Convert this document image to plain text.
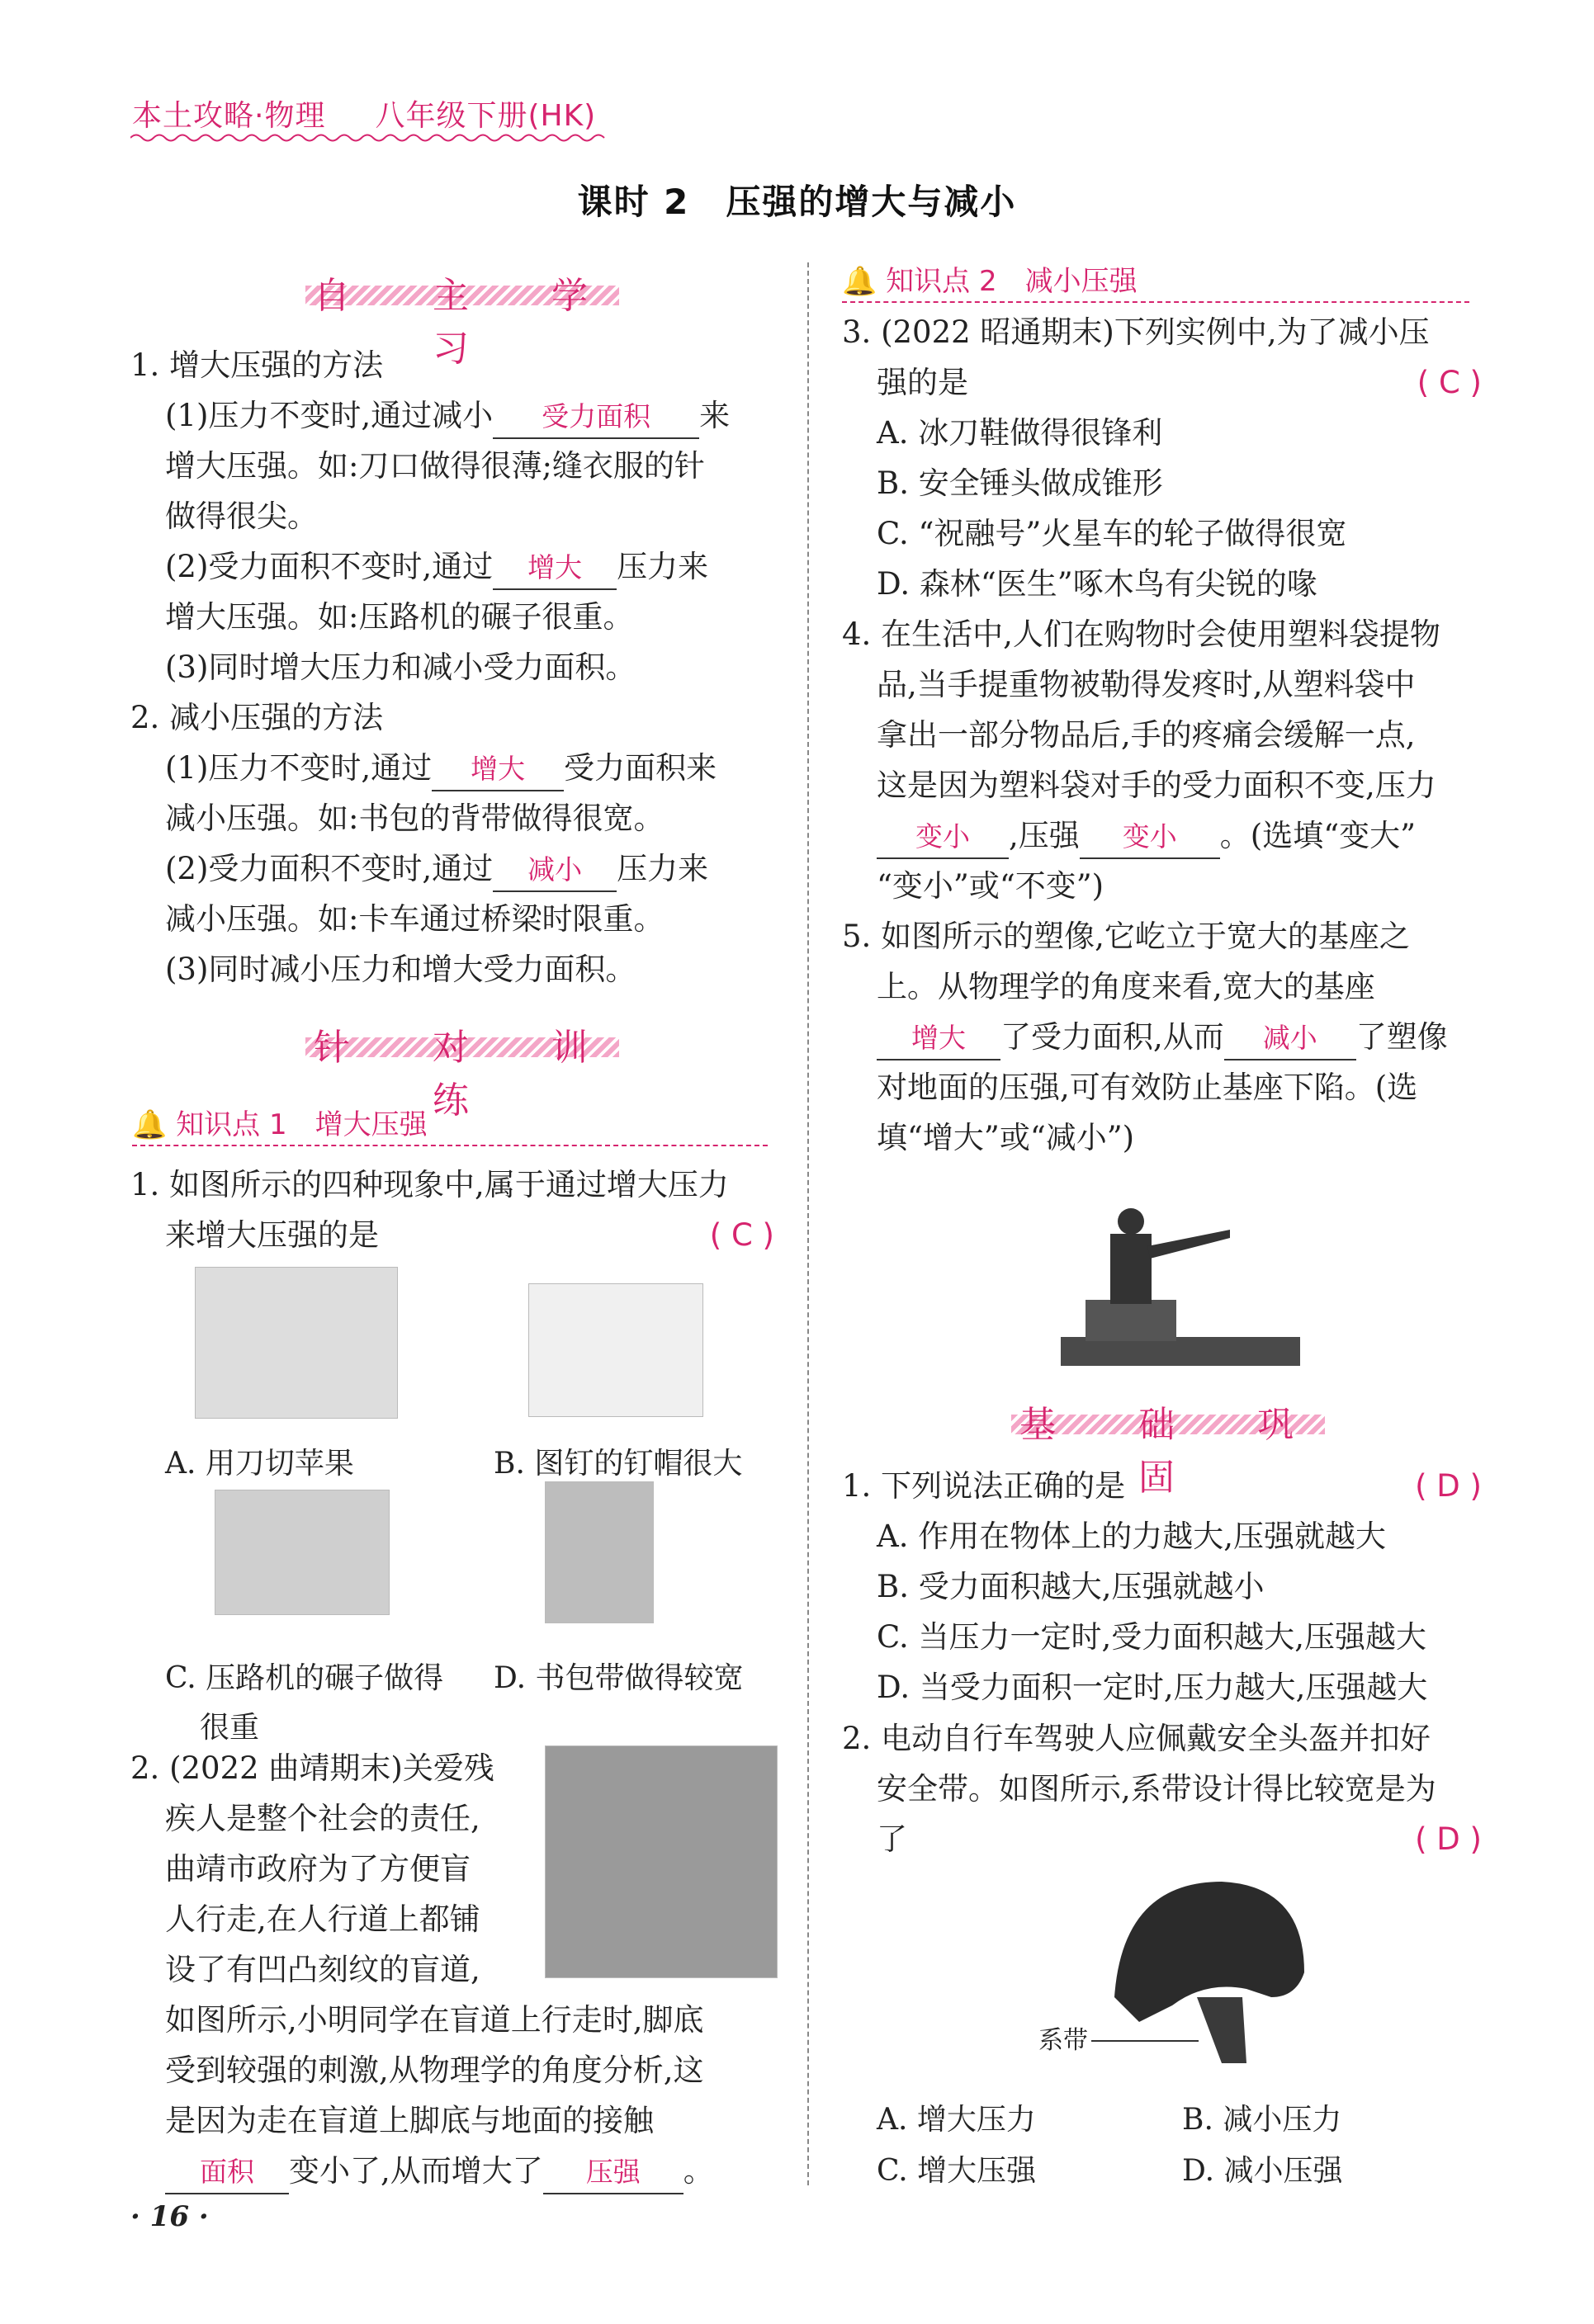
本土攻略·物理 八年级下册(HK)
课时 2　压强的增大与减小
自　主　学　习
1. 增大压强的方法
(1)压力不变时,通过减小 受力面积 来
增大压强。如:刀口做得很薄;缝衣服的针
做得很尖。
(2)受力面积不变时,通过 增大 压力来
增大压强。如:压路机的碾子很重。
(3)同时增大压力和减小受力面积。
2. 减小压强的方法
(1)压力不变时,通过 增大 受力面积来
减小压强。如:书包的背带做得很宽。
(2)受力面积不变时,通过 减小 压力来
减小压强。如:卡车通过桥梁时限重。
(3)同时减小压力和增大受力面积。
针　对　训　练
🔔 知识点 1　增大压强
1. 如图所示的四种现象中,属于通过增大压力
来增大压强的是	( C )
A. 用刀切苹果	B. 图钉的钉帽很大
C. 压路机的碾子做得
很重
D. 书包带做得较宽
2. (2022 曲靖期末)关爱残
疾人是整个社会的责任,
曲靖市政府为了方便盲
人行走,在人行道上都铺
设了有凹凸刻纹的盲道,
如图所示,小明同学在盲道上行走时,脚底
受到较强的刺激,从物理学的角度分析,这
是因为走在盲道上脚底与地面的接触
面积 变小了,从而增大了 压强 。
🔔 知识点 2　减小压强
3. (2022 昭通期末)下列实例中,为了减小压
强的是	( C )
A. 冰刀鞋做得很锋利
B. 安全锤头做成锥形
C. “祝融号”火星车的轮子做得很宽
D. 森林“医生”啄木鸟有尖锐的喙
4. 在生活中,人们在购物时会使用塑料袋提物
品,当手提重物被勒得发疼时,从塑料袋中
拿出一部分物品后,手的疼痛会缓解一点,
这是因为塑料袋对手的受力面积不变,压力
变小 ,压强 变小 。(选填“变大”
“变小”或“不变”)
5. 如图所示的塑像,它屹立于宽大的基座之
上。从物理学的角度来看,宽大的基座
增大 了受力面积,从而 减小 了塑像
对地面的压强,可有效防止基座下陷。(选
填“增大”或“减小”)
基　础　巩　固
1. 下列说法正确的是	( D )
A. 作用在物体上的力越大,压强就越大
B. 受力面积越大,压强就越小
C. 当压力一定时,受力面积越大,压强越大
D. 当受力面积一定时,压力越大,压强越大
2. 电动自行车驾驶人应佩戴安全头盔并扣好
安全带。如图所示,系带设计得比较宽是为
了	( D )
系带
A. 增大压力	B. 减小压力
C. 增大压强	D. 减小压强
· 16 ·
